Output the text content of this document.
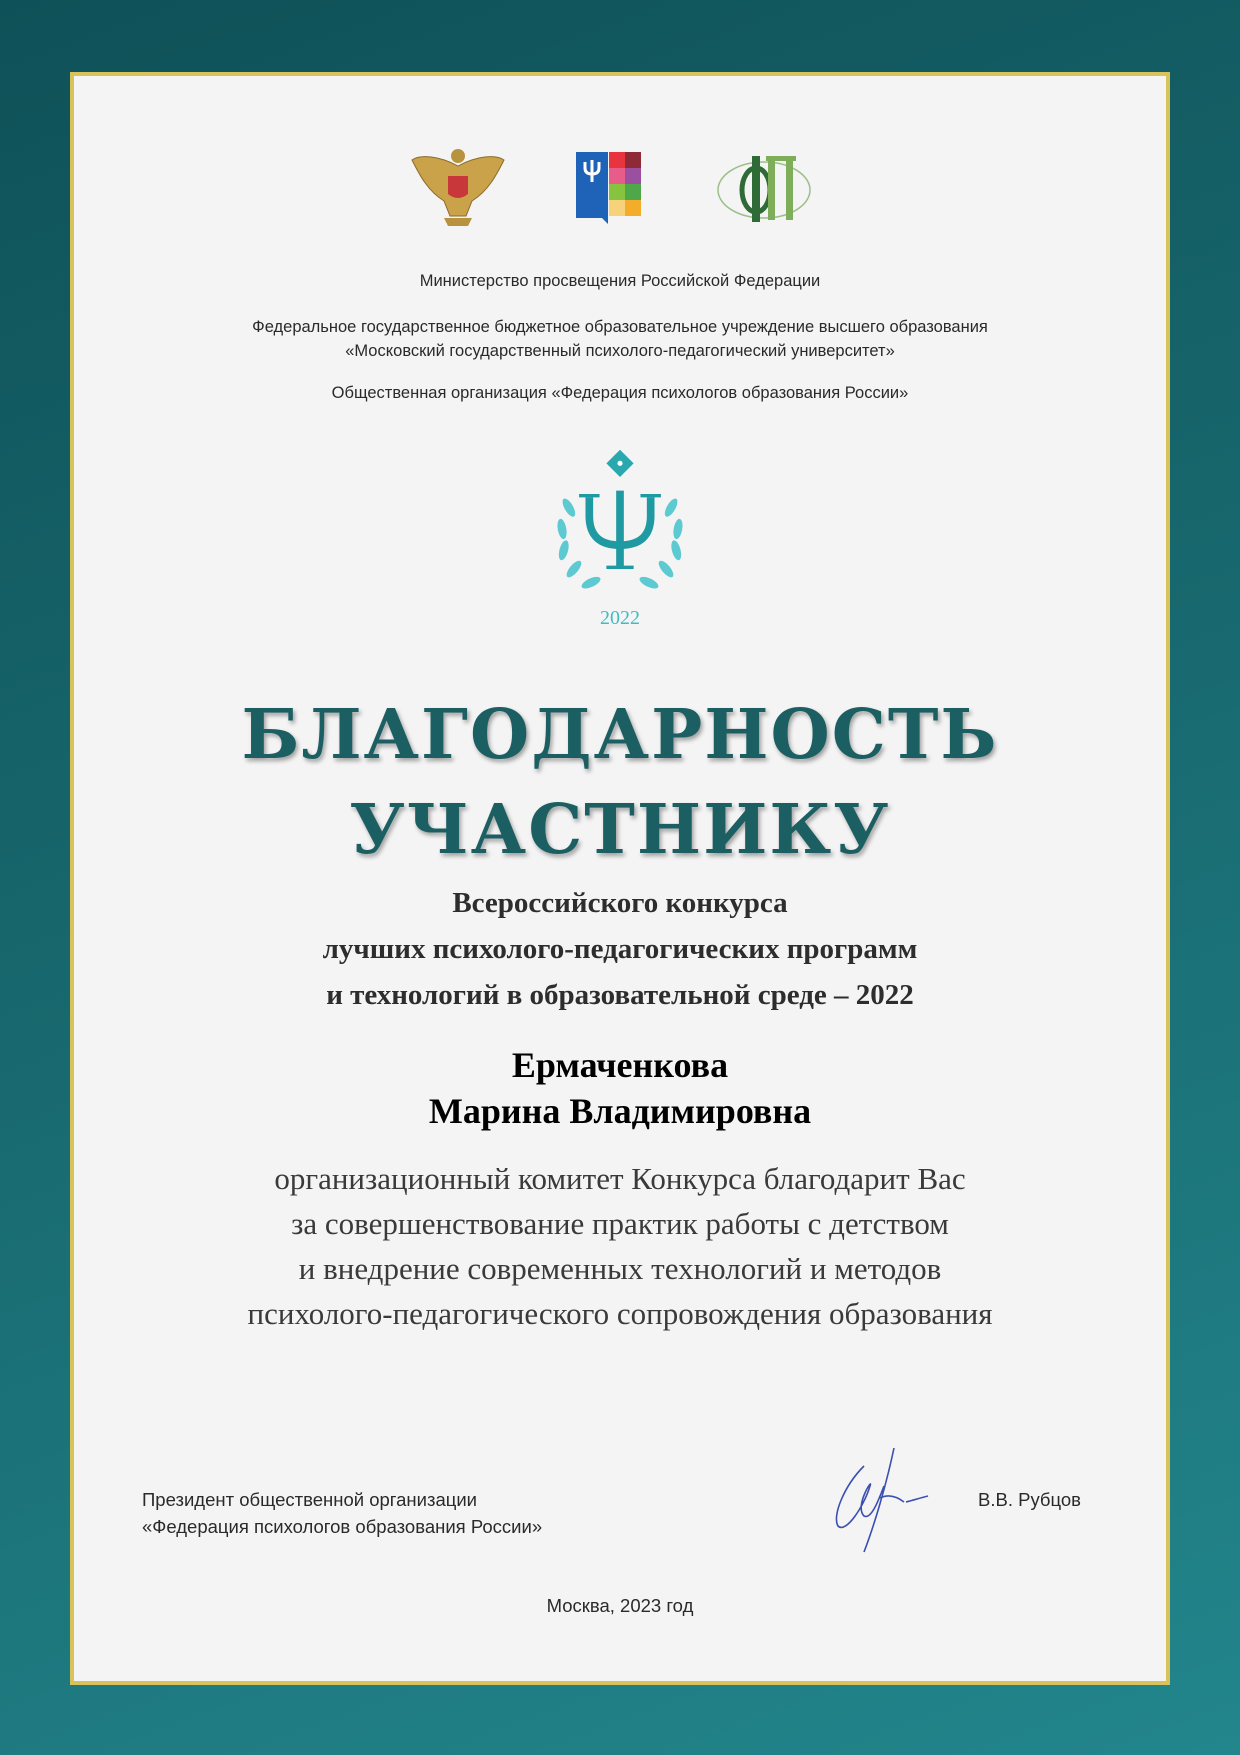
Министерство просвещения Российской Федерации
Федеральное государственное бюджетное образовательное учреждение высшего образования
«Московский государственный психолого-педагогический университет»
Общественная организация «Федерация психологов образования России»
2022
БЛАГОДАРНОСТЬ
УЧАСТНИКУ
Всероссийского конкурса
лучших психолого-педагогических программ
и технологий в образовательной среде – 2022
Ермаченкова
Марина Владимировна
организационный комитет Конкурса благодарит Вас
за совершенствование практик работы с детством
и внедрение современных технологий и методов
психолого-педагогического сопровождения образования
Президент общественной организации
«Федерация психологов образования России»
В.В. Рубцов
Москва, 2023 год
